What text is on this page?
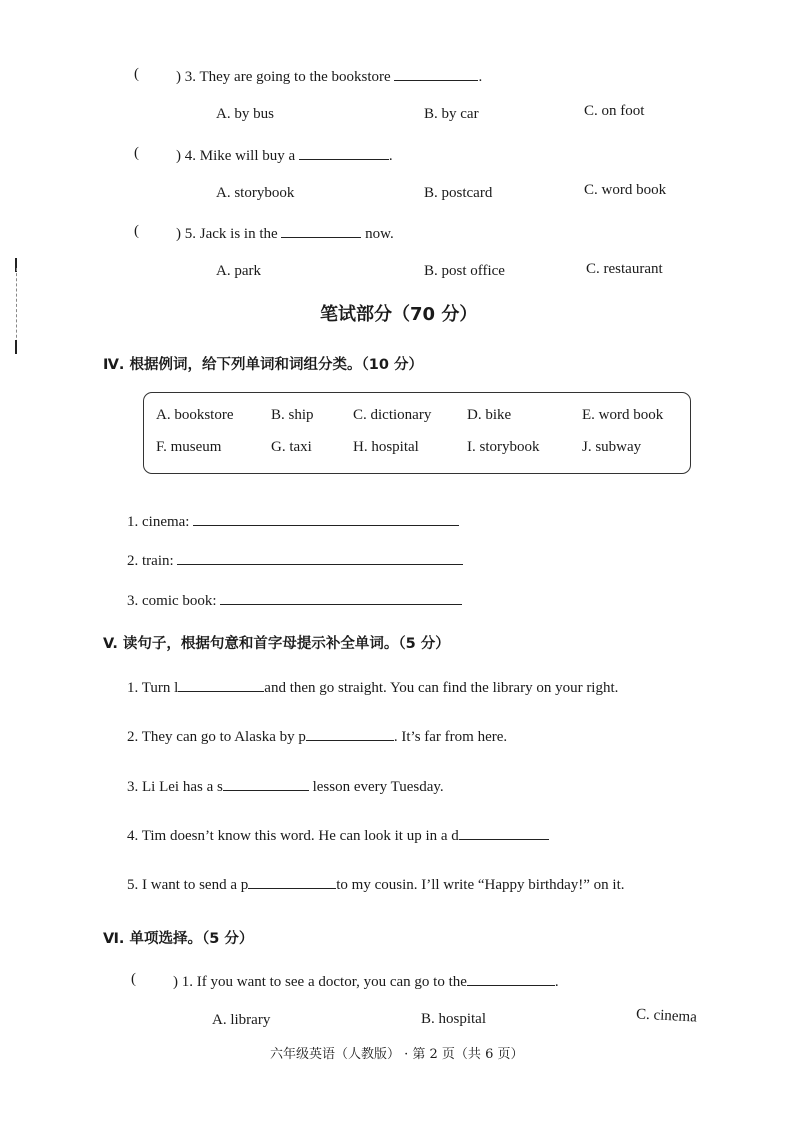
( ) 3. They are going to the bookstore	.
A. by bus	B. by car	C. on foot
( ) 4. Mike will buy a	.
A. storybook	B. postcard	C. word book
( ) 5. Jack is in the	now.
A. park	B. post office	C. restaurant
笔试部分（70 分）
Ⅳ. 根据例词，给下列单词和词组分类。（10 分）
A. bookstore	B. ship	C. dictionary D. bike	E. word book
F. museum	G. taxi	H. hospital	I. storybook	J. subway
1. cinema:
2. train:
3. comic book:
V. 读句子，根据句意和首字母提示补全单词。（5 分）
1. Turn l	and then go straight. You can find the library on your right.
2. They can go to Alaska by p	. It’s far from here.
3. Li Lei has a s	lesson every Tuesday.
4. Tim doesn’t know this word. He can look it up in a d
5. I want to send a p	to my cousin. I’ll write “Happy birthday!” on it.
Ⅵ. 单项选择。（5 分）
( ) 1. If you want to see a doctor, you can go to the	.
A. library	B. hospital	C. cinema
六年级英语（人教版） · 第 2 页（共 6 页）
